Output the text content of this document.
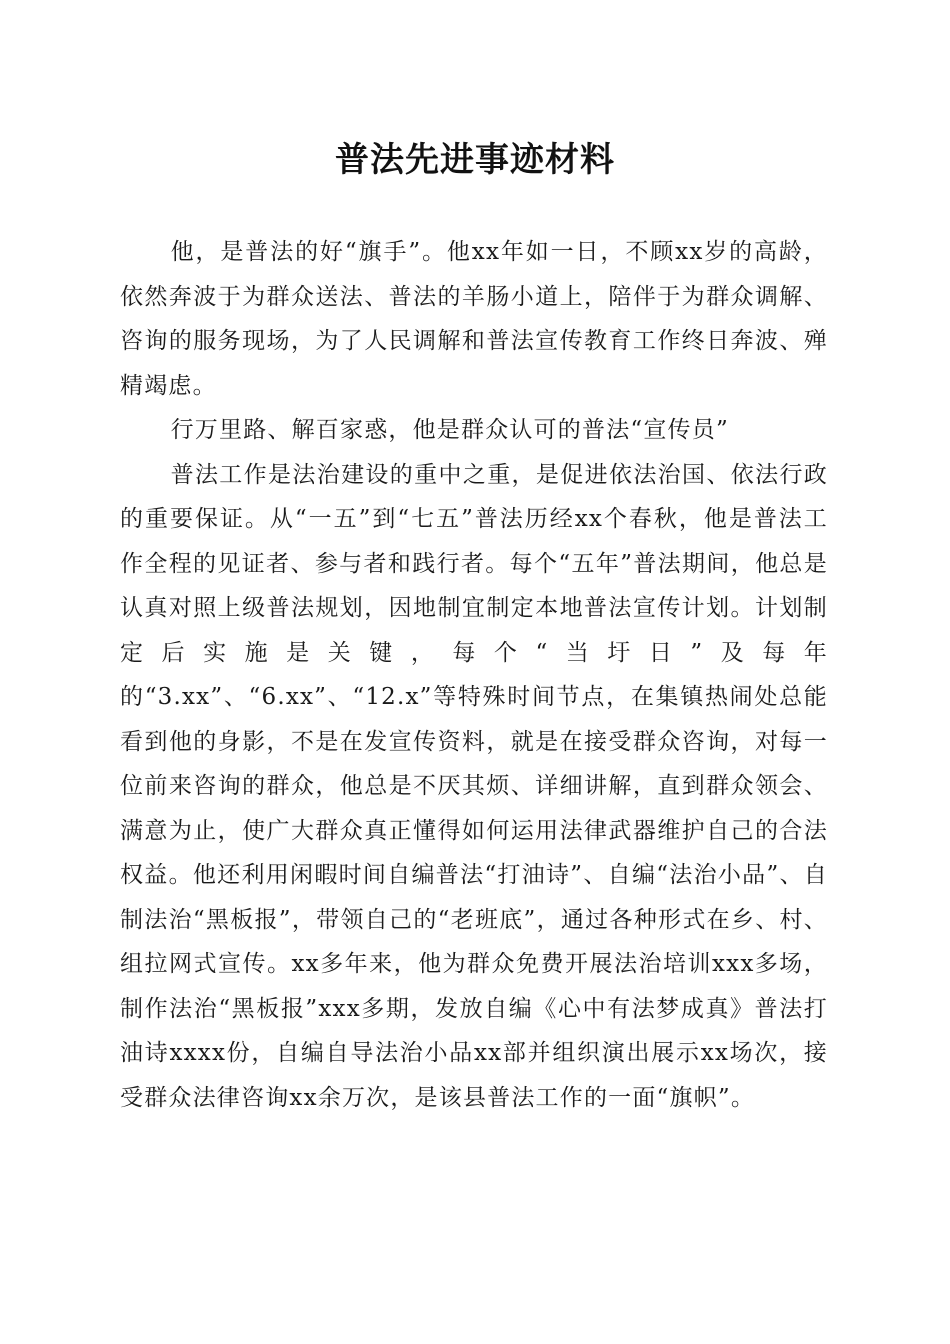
普法先进事迹材料

他，是普法的好“旗手”。他xx年如一日，不顾xx岁的高龄，依然奔波于为群众送法、普法的羊肠小道上，陪伴于为群众调解、咨询的服务现场，为了人民调解和普法宣传教育工作终日奔波、殚精竭虑。

行万里路、解百家惑，他是群众认可的普法“宣传员”

普法工作是法治建设的重中之重，是促进依法治国、依法行政的重要保证。从“一五”到“七五”普法历经xx个春秋，他是普法工作全程的见证者、参与者和践行者。每个“五年”普法期间，他总是认真对照上级普法规划，因地制宜制定本地普法宣传计划。计划制定后实施是关键，每个“当圩日”及每年的“3.xx”、“6.xx”、“12.x”等特殊时间节点，在集镇热闹处总能看到他的身影，不是在发宣传资料，就是在接受群众咨询，对每一位前来咨询的群众，他总是不厌其烦、详细讲解，直到群众领会、满意为止，使广大群众真正懂得如何运用法律武器维护自己的合法权益。他还利用闲暇时间自编普法“打油诗”、自编“法治小品”、自制法治“黑板报”，带领自己的“老班底”，通过各种形式在乡、村、组拉网式宣传。xx多年来，他为群众免费开展法治培训xxx多场，制作法治“黑板报”xxx多期，发放自编《心中有法梦成真》普法打油诗xxxx份，自编自导法治小品xx部并组织演出展示xx场次，接受群众法律咨询xx余万次，是该县普法工作的一面“旗帜”。
